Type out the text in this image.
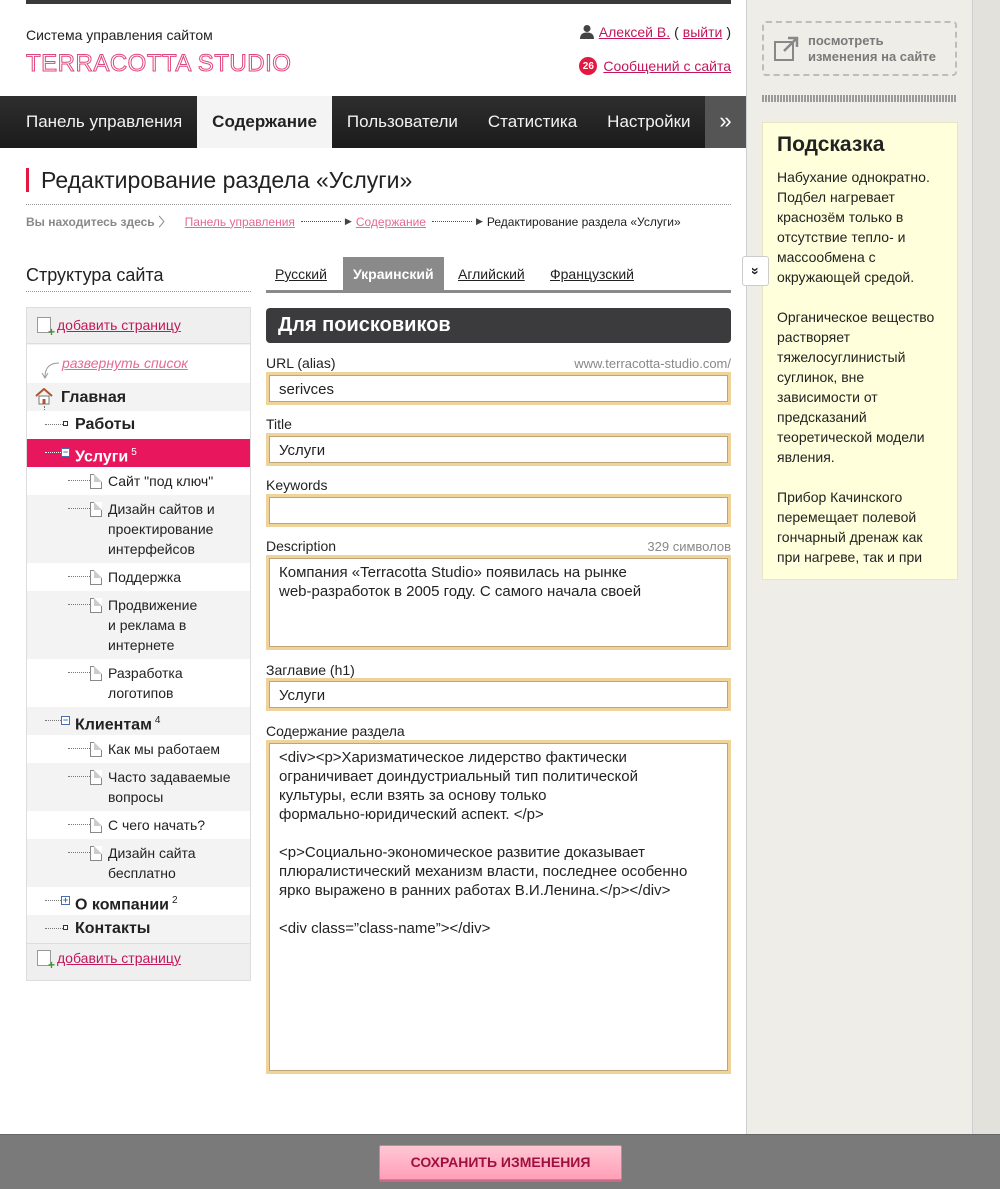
Система управления сайтом
TERRACOTTA STUDIO
Алексей В. ( выйти )
26 Сообщений с сайта
Панель управления	Содержание	Пользователи	Статистика	Настройки	»
Редактирование раздела «Услуги»
Вы находитесь здесь 〉 Панель управления	▶ Содержание	▶ Редактирование раздела «Услуги»
Структура сайта
+
добавить страницу
развернуть список
Главная
Работы
− Услуги $^5$
Сайт "под ключ"
Дизайн сайтов и
проектирование
интерфейсов
Поддержка
Продвижение
и реклама в
интернете
Разработка
логотипов
− Клиентам $^4$
Как мы работаем
Часто задаваемые
вопросы
С чего начать?
Дизайн сайта
бесплатно
+ О компании $^2$
Контакты
+
добавить страницу
Русский	Украинский	Аглийский Французский
Для поисковиков
URL (alias)	www.terracotta-studio.com/
serivces
Title
Услуги
Keywords
Description	329 символов
Компания «Terracotta Studio» появилась на рынке
web-разработок в 2005 году. С самого начала своей
Заглавие (h1)
Услуги
Содержание раздела
<div><p>Харизматическое лидерство фактически
ограничивает доиндустриальный тип политической
культуры, если взять за основу только
формально-юридический аспект. </p>

<p>Социально-экономическое развитие доказывает
плюралистический механизм власти, последнее особенно
ярко выражено в ранних работах В.И.Ленина.</p></div>

<div class=”class-name”></div>
посмотреть
изменения на сайте
Подсказка

Набухание однократно. Подбел нагревает краснозём только в отсутствие тепло- и массообмена с окружающей средой.

Органическое вещество растворяет тяжелосуглинистый суглинок, вне зависимости от предсказаний теоретической модели явления.

Прибор Качинского перемещает полевой гончарный дренаж как при нагреве, так и при

»
СОХРАНИТЬ ИЗМЕНЕНИЯ
